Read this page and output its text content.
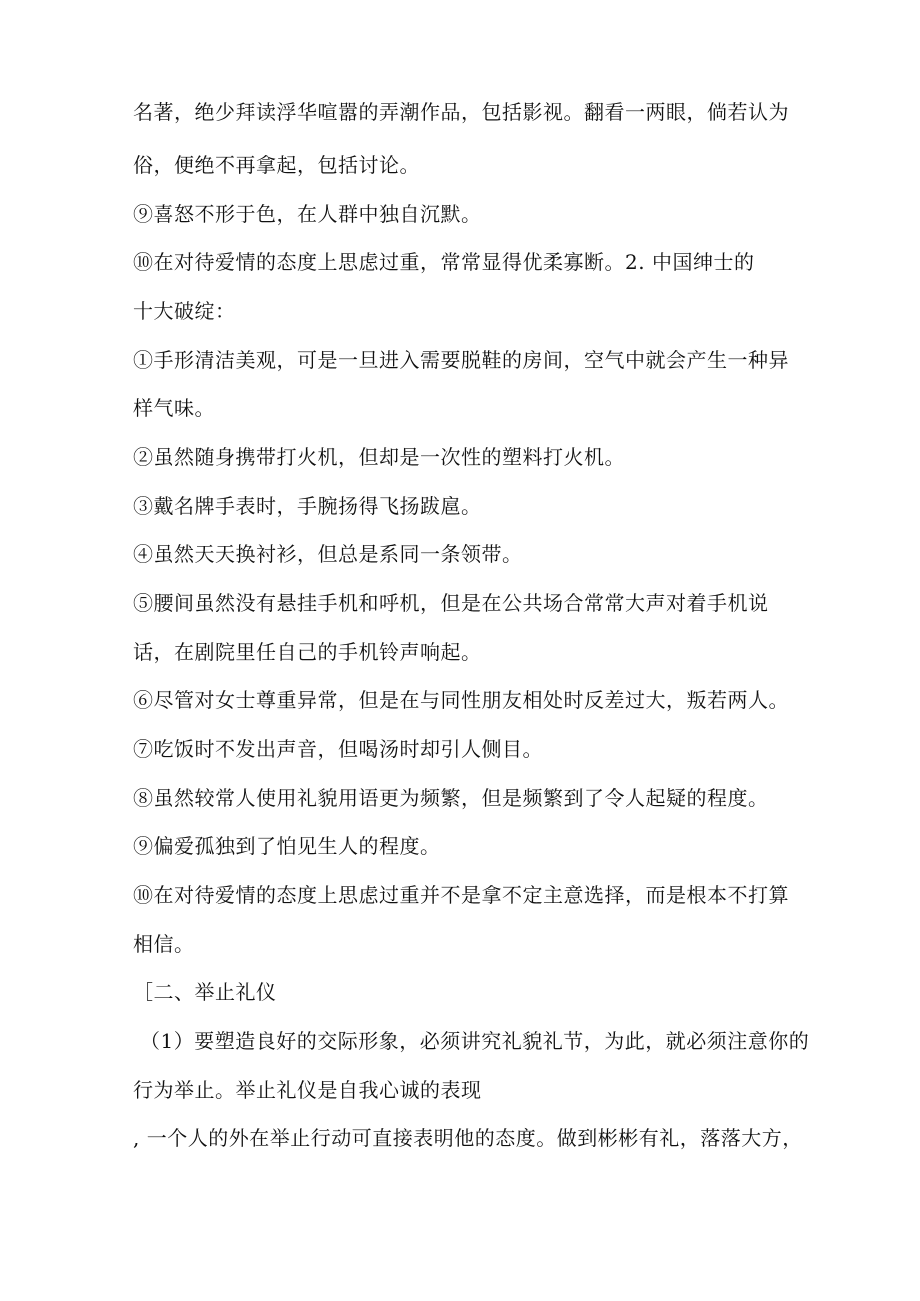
名著，绝少拜读浮华喧嚣的弄潮作品，包括影视。翻看一两眼，倘若认为
俗，便绝不再拿起，包括讨论。
⑨喜怒不形于色，在人群中独自沉默。
⑩在对待爱情的态度上思虑过重，常常显得优柔寡断。2. 中国绅士的
十大破绽：
①手形清洁美观，可是一旦进入需要脱鞋的房间，空气中就会产生一种异
样气味。
②虽然随身携带打火机，但却是一次性的塑料打火机。
③戴名牌手表时，手腕扬得飞扬跋扈。
④虽然天天换衬衫，但总是系同一条领带。
⑤腰间虽然没有悬挂手机和呼机，但是在公共场合常常大声对着手机说
话，在剧院里任自己的手机铃声响起。
⑥尽管对女士尊重异常，但是在与同性朋友相处时反差过大，叛若两人。
⑦吃饭时不发出声音，但喝汤时却引人侧目。
⑧虽然较常人使用礼貌用语更为频繁，但是频繁到了令人起疑的程度。
⑨偏爱孤独到了怕见生人的程度。
⑩在对待爱情的态度上思虑过重并不是拿不定主意选择，而是根本不打算
相信。
［二、举止礼仪
（1）要塑造良好的交际形象，必须讲究礼貌礼节，为此，就必须注意你的
行为举止。举止礼仪是自我心诚的表现
, 一个人的外在举止行动可直接表明他的态度。做到彬彬有礼，落落大方，
